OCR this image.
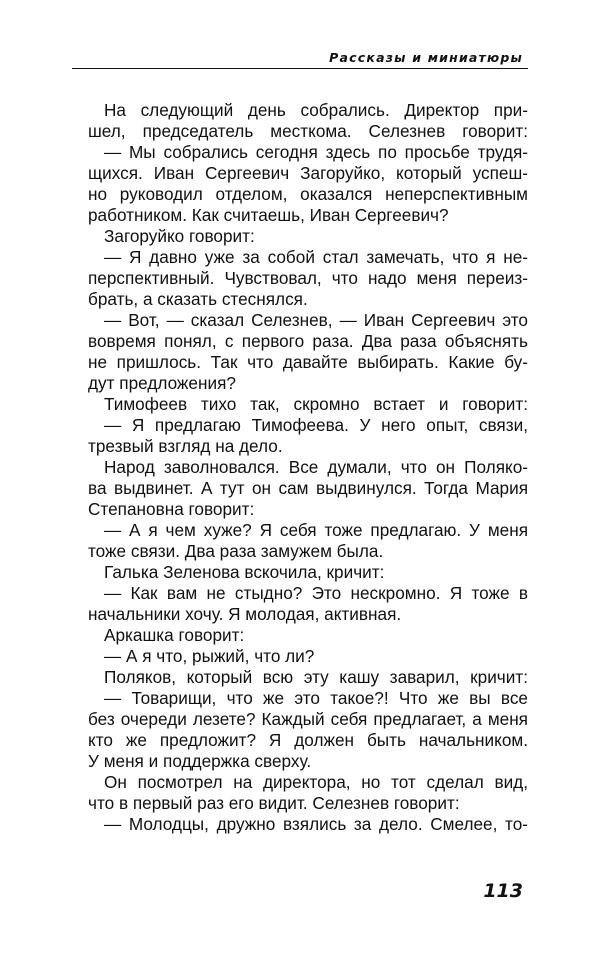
Рассказы и миниатюры
На следующий день собрались. Директор при-
шел, председатель месткома. Селезнев говорит:
— Мы собрались сегодня здесь по просьбе трудя-
щихся. Иван Сергеевич Загоруйко, который успеш-
но руководил отделом, оказался неперспективным
работником. Как считаешь, Иван Сергеевич?
Загоруйко говорит:
— Я давно уже за собой стал замечать, что я не-
перспективный. Чувствовал, что надо меня переиз-
брать, а сказать стеснялся.
— Вот, — сказал Селезнев, — Иван Сергеевич это
вовремя понял, с первого раза. Два раза объяснять
не пришлось. Так что давайте выбирать. Какие бу-
дут предложения?
Тимофеев тихо так, скромно встает и говорит:
— Я предлагаю Тимофеева. У него опыт, связи,
трезвый взгляд на дело.
Народ заволновался. Все думали, что он Поляко-
ва выдвинет. А тут он сам выдвинулся. Тогда Мария
Степановна говорит:
— А я чем хуже? Я себя тоже предлагаю. У меня
тоже связи. Два раза замужем была.
Галька Зеленова вскочила, кричит:
— Как вам не стыдно? Это нескромно. Я тоже в
начальники хочу. Я молодая, активная.
Аркашка говорит:
— А я что, рыжий, что ли?
Поляков, который всю эту кашу заварил, кричит:
— Товарищи, что же это такое?! Что же вы все
без очереди лезете? Каждый себя предлагает, а меня
кто же предложит? Я должен быть начальником.
У меня и поддержка сверху.
Он посмотрел на директора, но тот сделал вид,
что в первый раз его видит. Селезнев говорит:
— Молодцы, дружно взялись за дело. Смелее, то-
113
